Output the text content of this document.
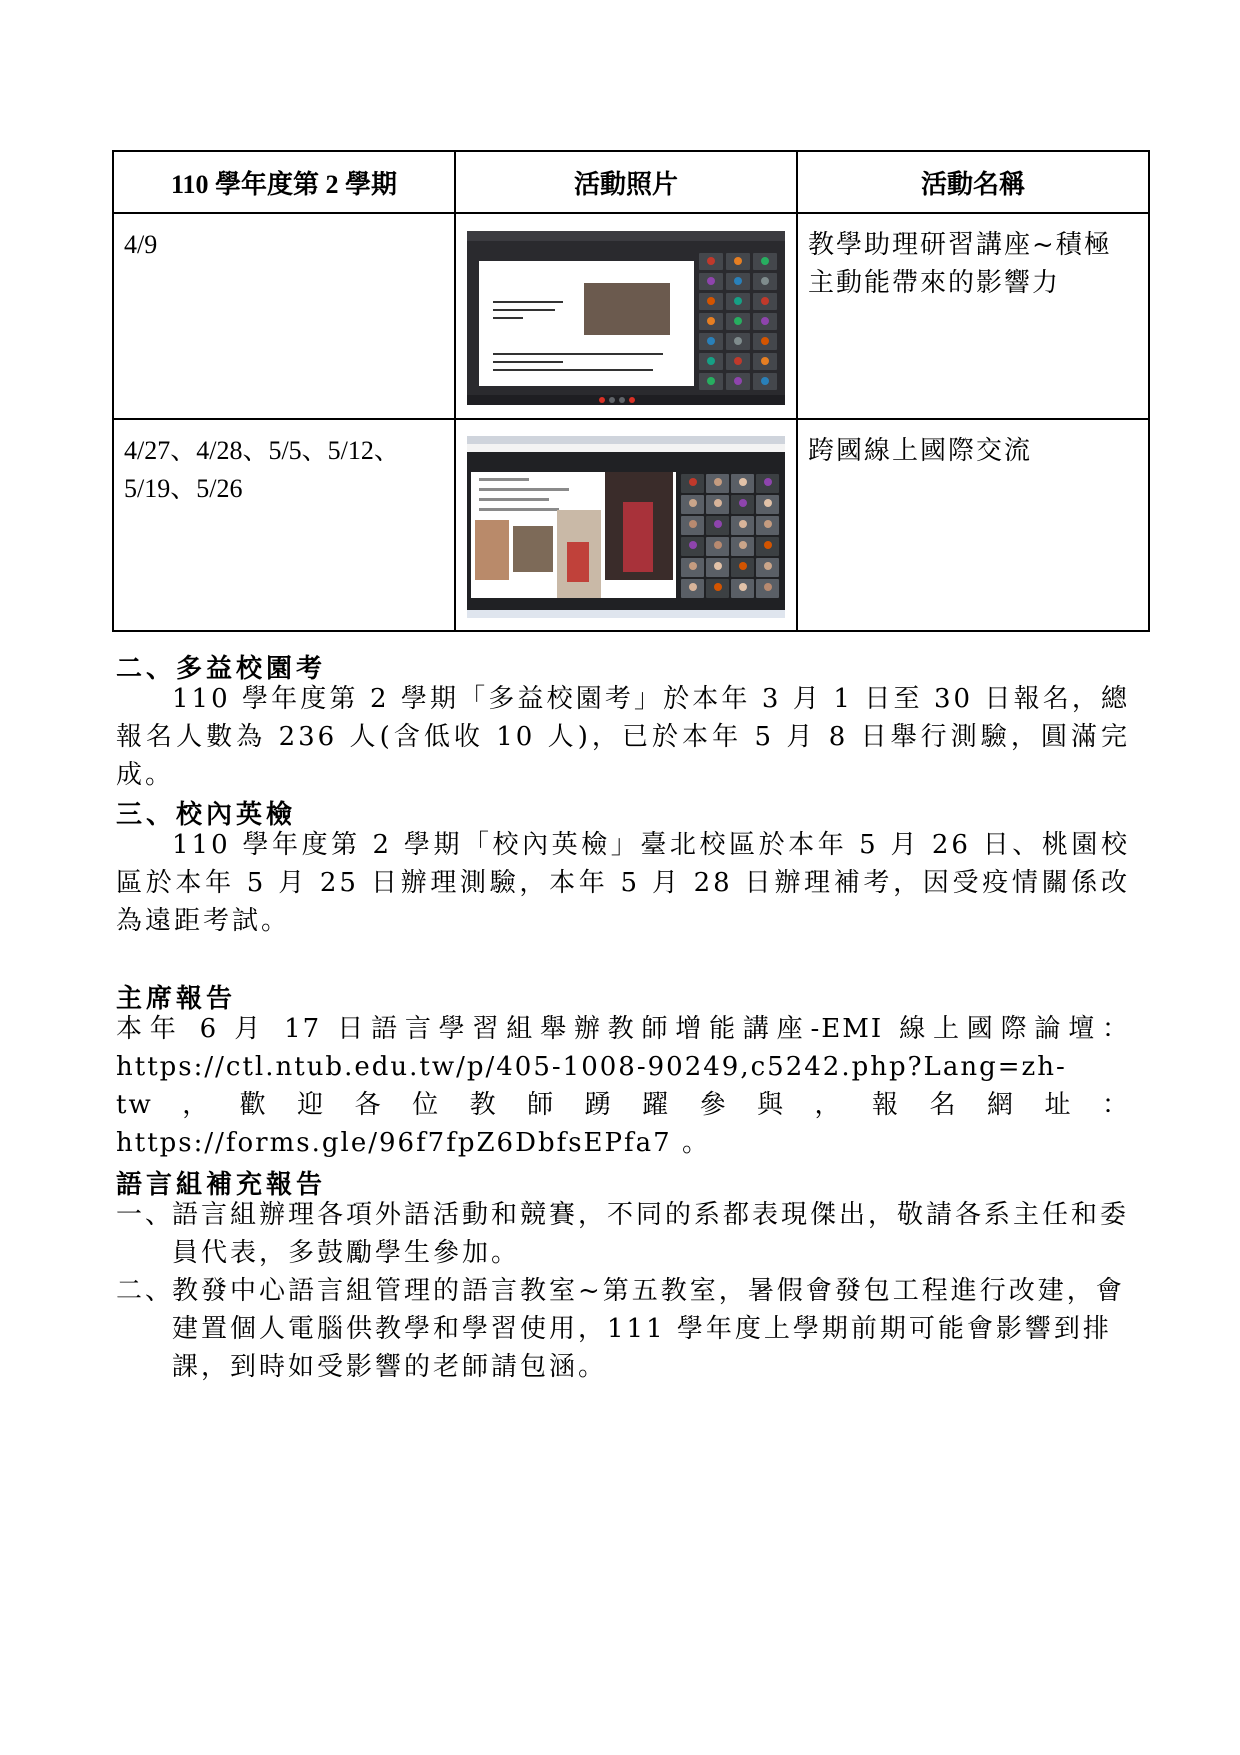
110 學年度第 2 學期	活動照片	活動名稱
4/9		教學助理研習講座~積極主動能帶來的影響力
4/27、4/28、5/5、5/12、5/19、5/26		跨國線上國際交流
二、多益校園考
110 學年度第 2 學期「多益校園考」於本年 3 月 1 日至 30 日報名，總報名人數為 236 人(含低收 10 人)，已於本年 5 月 8 日舉行測驗，圓滿完成。
三、校內英檢
110 學年度第 2 學期「校內英檢」臺北校區於本年 5 月 26 日、桃園校區於本年 5 月 25 日辦理測驗，本年 5 月 28 日辦理補考，因受疫情關係改為遠距考試。
主席報告
本年 6 月 17 日語言學習組舉辦教師增能講座-EMI 線上國際論壇：https://ctl.ntub.edu.tw/p/405-1008-90249,c5242.php?Lang=zh-tw，歡迎各位教師踴躍參與，報名網址：https://forms.gle/96f7fpZ6DbfsEPfa7 。
語言組補充報告
一、
語言組辦理各項外語活動和競賽，不同的系都表現傑出，敬請各系主任和委員代表，多鼓勵學生參加。
二、
教發中心語言組管理的語言教室~第五教室，暑假會發包工程進行改建，會建置個人電腦供教學和學習使用，111 學年度上學期前期可能會影響到排課，到時如受影響的老師請包涵。
